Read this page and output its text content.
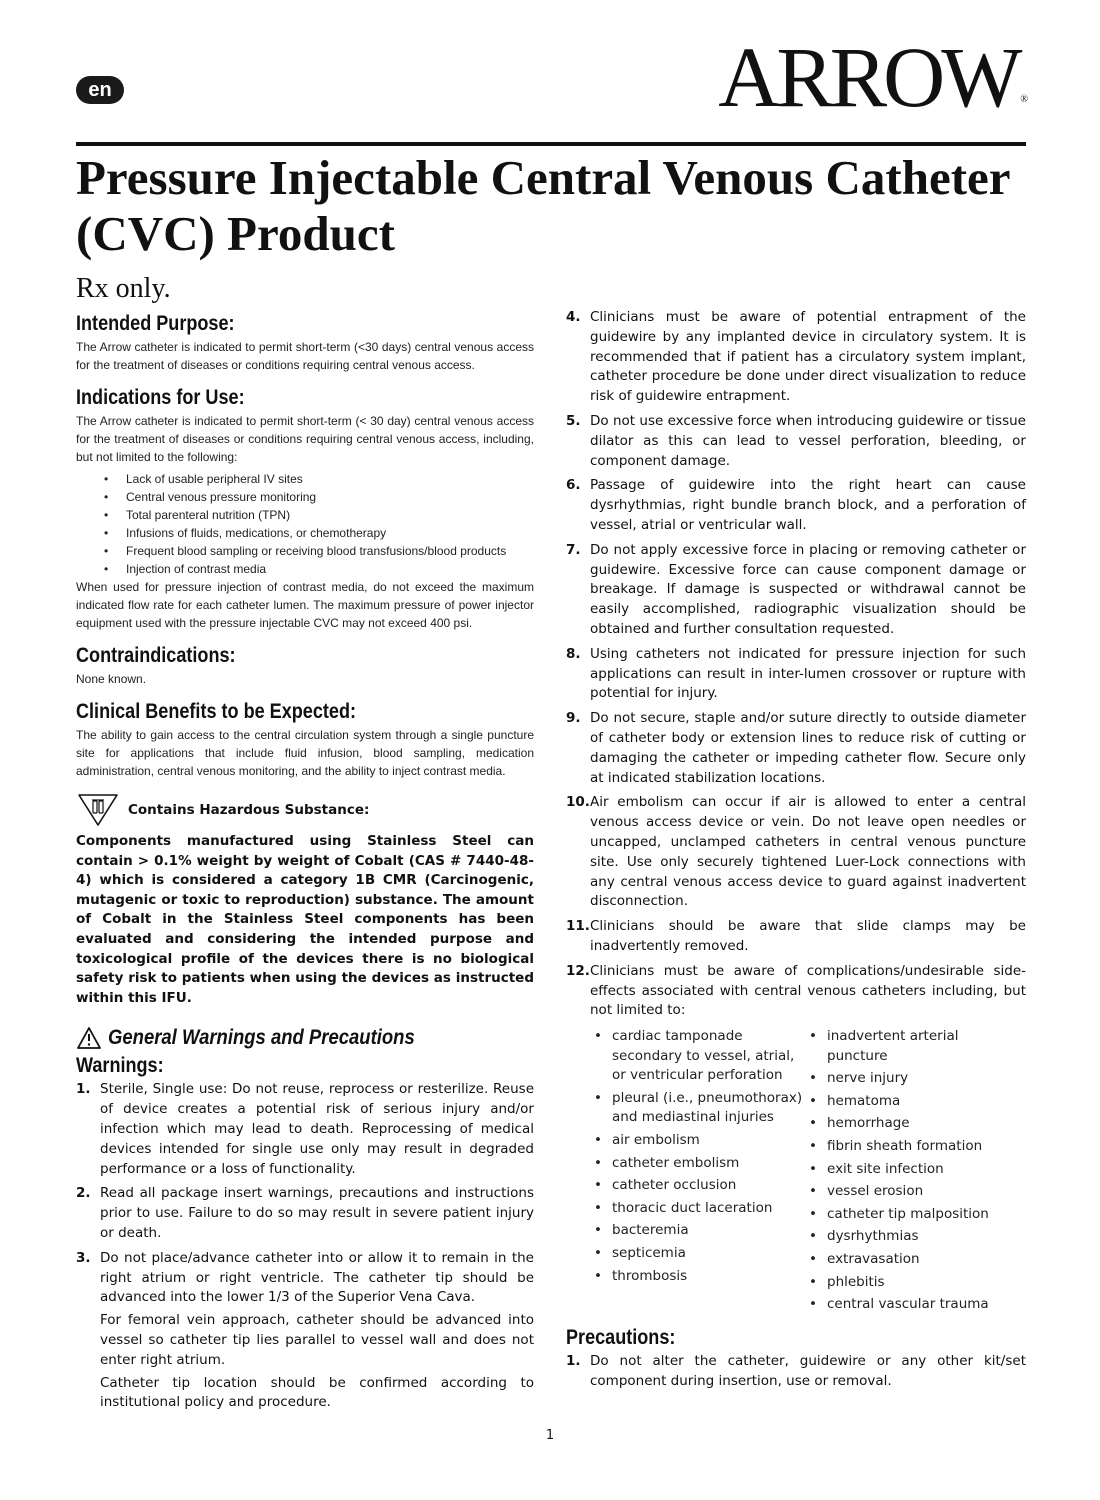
en	ARROW ®
Pressure Injectable Central Venous Catheter (CVC) Product

Rx only.

Intended Purpose:

The Arrow catheter is indicated to permit short-term (<30 days) central venous access for the treatment of diseases or conditions requiring central venous access.

Indications for Use:

The Arrow catheter is indicated to permit short-term (< 30 day) central venous access for the treatment of diseases or conditions requiring central venous access, including, but not limited to the following:

• Lack of usable peripheral IV sites
• Central venous pressure monitoring
• Total parenteral nutrition (TPN)
• Infusions of fluids, medications, or chemotherapy
• Frequent blood sampling or receiving blood transfusions/blood products
• Injection of contrast media

When used for pressure injection of contrast media, do not exceed the maximum indicated flow rate for each catheter lumen. The maximum pressure of power injector equipment used with the pressure injectable CVC may not exceed 400 psi.

Contraindications:

None known.

Clinical Benefits to be Expected:

The ability to gain access to the central circulation system through a single puncture site for applications that include fluid infusion, blood sampling, medication administration, central venous monitoring, and the ability to inject contrast media.

Contains Hazardous Substance:

Components manufactured using Stainless Steel can contain > 0.1% weight by weight of Cobalt (CAS # 7440-48-4) which is considered a category 1B CMR (Carcinogenic, mutagenic or toxic to reproduction) substance. The amount of Cobalt in the Stainless Steel components has been evaluated and considering the intended purpose and toxicological profile of the devices there is no biological safety risk to patients when using the devices as instructed within this IFU.

General Warnings and Precautions
Warnings:
1. Sterile, Single use: Do not reuse, reprocess or resterilize. Reuse of device creates a potential risk of serious injury and/or infection which may lead to death. Reprocessing of medical devices intended for single use only may result in degraded performance or a loss of functionality.

2. Read all package insert warnings, precautions and instructions prior to use. Failure to do so may result in severe patient injury or death.

3. Do not place/advance catheter into or allow it to remain in the right atrium or right ventricle. The catheter tip should be advanced into the lower 1/3 of the Superior Vena Cava.

For femoral vein approach, catheter should be advanced into vessel so catheter tip lies parallel to vessel wall and does not enter right atrium.

Catheter tip location should be confirmed according to institutional policy and procedure.

4. Clinicians must be aware of potential entrapment of the guidewire by any implanted device in circulatory system. It is recommended that if patient has a circulatory system implant, catheter procedure be done under direct visualization to reduce risk of guidewire entrapment.

5. Do not use excessive force when introducing guidewire or tissue dilator as this can lead to vessel perforation, bleeding, or component damage.

6. Passage of guidewire into the right heart can cause dysrhythmias, right bundle branch block, and a perforation of vessel, atrial or ventricular wall.

7. Do not apply excessive force in placing or removing catheter or guidewire. Excessive force can cause component damage or breakage. If damage is suspected or withdrawal cannot be easily accomplished, radiographic visualization should be obtained and further consultation requested.

8. Using catheters not indicated for pressure injection for such applications can result in inter-lumen crossover or rupture with potential for injury.

9. Do not secure, staple and/or suture directly to outside diameter of catheter body or extension lines to reduce risk of cutting or damaging the catheter or impeding catheter flow. Secure only at indicated stabilization locations.

10. Air embolism can occur if air is allowed to enter a central venous access device or vein. Do not leave open needles or uncapped, unclamped catheters in central venous puncture site. Use only securely tightened Luer-Lock connections with any central venous access device to guard against inadvertent disconnection.

11. Clinicians should be aware that slide clamps may be inadvertently removed.

12. Clinicians must be aware of complications/undesirable side-effects associated with central venous catheters including, but not limited to:

• cardiac tamponade secondary to vessel, atrial, or ventricular perforation
• pleural (i.e., pneumothorax) and mediastinal injuries
• air embolism
• catheter embolism
• catheter occlusion
• thoracic duct laceration
• bacteremia
• septicemia
• thrombosis
• inadvertent arterial puncture
• nerve injury
• hematoma
• hemorrhage
• fibrin sheath formation
• exit site infection
• vessel erosion
• catheter tip malposition
• dysrhythmias
• extravasation
• phlebitis
• central vascular trauma
Precautions:
1. Do not alter the catheter, guidewire or any other kit/set component during insertion, use or removal.

1
